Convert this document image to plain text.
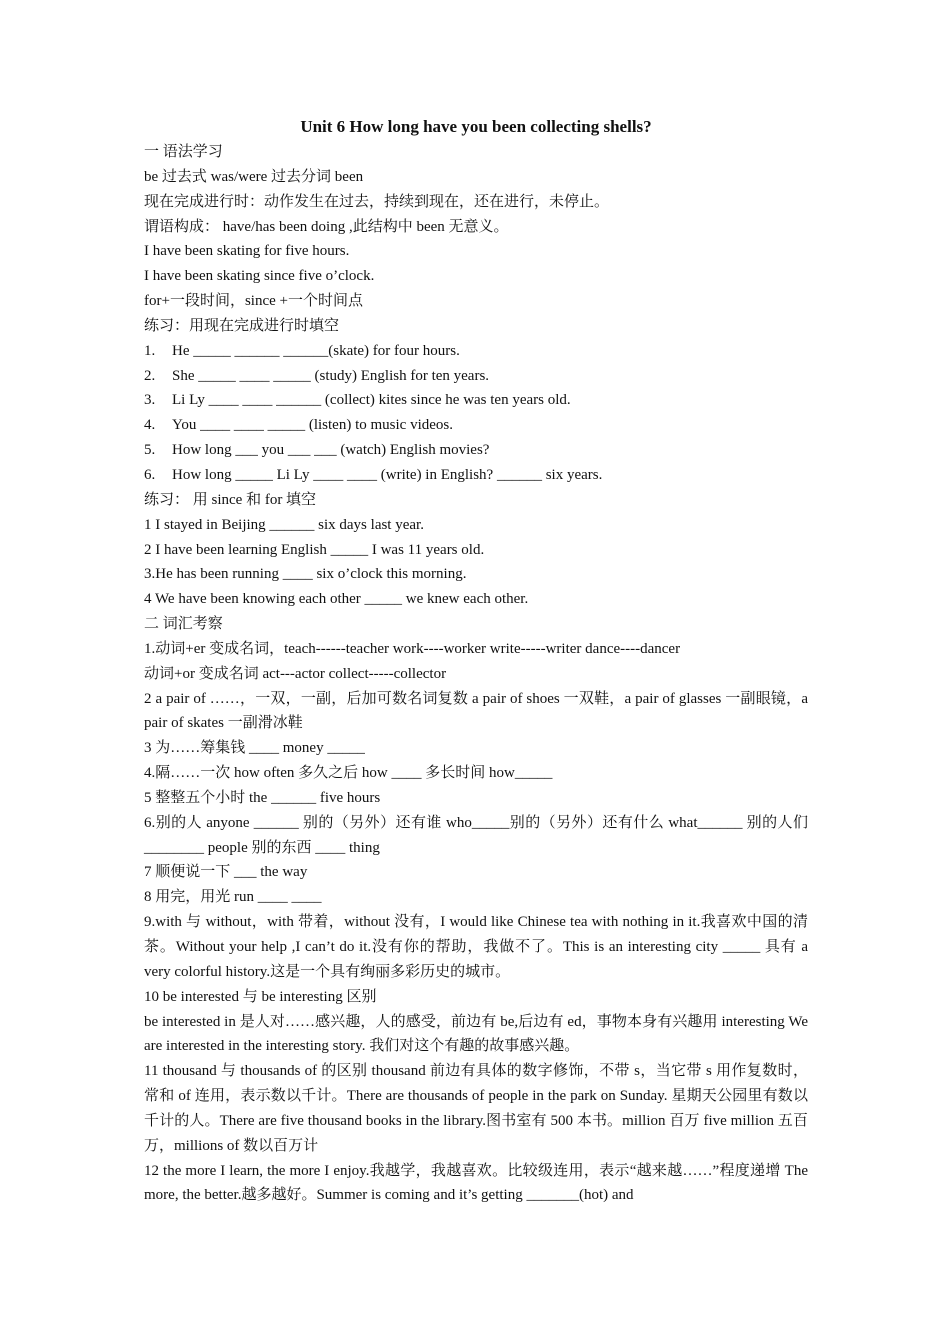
Unit 6 How long have you been collecting shells?
一 语法学习
be 过去式 was/were 过去分词 been
现在完成进行时：动作发生在过去，持续到现在，还在进行，未停止。
谓语构成： have/has been doing ,此结构中 been 无意义。
I have been skating for five hours.
I have been skating since five o’clock.
for+一段时间，since +一个时间点
练习：用现在完成进行时填空
1.	He _____ ______ ______(skate) for four hours.
2.	She _____ ____ _____ (study) English for ten years.
3.	Li Ly ____ ____ ______ (collect) kites since he was ten years old.
4.	You ____ ____ _____ (listen) to music videos.
5.	How long ___ you ___ ___ (watch) English movies?
6.	How long _____ Li Ly ____ ____ (write) in English? ______ six years.
练习： 用 since 和 for 填空
1 I stayed in Beijing ______ six days last year.
2 I have been learning English _____ I was 11 years old.
3.He has been running ____ six o’clock this morning.
4 We have been knowing each other _____ we knew each other.
二 词汇考察
1.动词+er 变成名词，teach------teacher work----worker write-----writer dance----dancer
动词+or 变成名词 act---actor collect-----collector
2 a pair of ……，一双，一副，后加可数名词复数 a pair of shoes 一双鞋，a pair of glasses 一副眼镜，a pair of skates 一副滑冰鞋
3 为……筹集钱 ____ money _____
4.隔……一次 how often 多久之后 how ____ 多长时间 how_____
5 整整五个小时 the ______ five hours
6.别的人 anyone ______ 别的（另外）还有谁 who_____别的（另外）还有什么 what______ 别的人们 ________ people 别的东西 ____ thing
7 顺便说一下 ___ the way
8 用完，用光 run ____ ____
9.with 与 without，with 带着，without 没有，I would like Chinese tea with nothing in it.我喜欢中国的清茶。Without your help ,I can’t do it.没有你的帮助，我做不了。This is an interesting city _____ 具有 a very colorful history.这是一个具有绚丽多彩历史的城市。
10 be interested 与 be interesting 区别
be interested in 是人对……感兴趣，人的感受，前边有 be,后边有 ed，事物本身有兴趣用 interesting We are interested in the interesting story. 我们对这个有趣的故事感兴趣。
11 thousand 与 thousands of 的区别 thousand 前边有具体的数字修饰，不带 s，当它带 s 用作复数时，常和 of 连用，表示数以千计。There are thousands of people in the park on Sunday. 星期天公园里有数以千计的人。There are five thousand books in the library.图书室有 500 本书。million 百万 five million 五百万，millions of 数以百万计
12 the more I learn, the more I enjoy.我越学，我越喜欢。比较级连用，表示“越来越……”程度递增 The more, the better.越多越好。Summer is coming and it’s getting _______(hot) and
